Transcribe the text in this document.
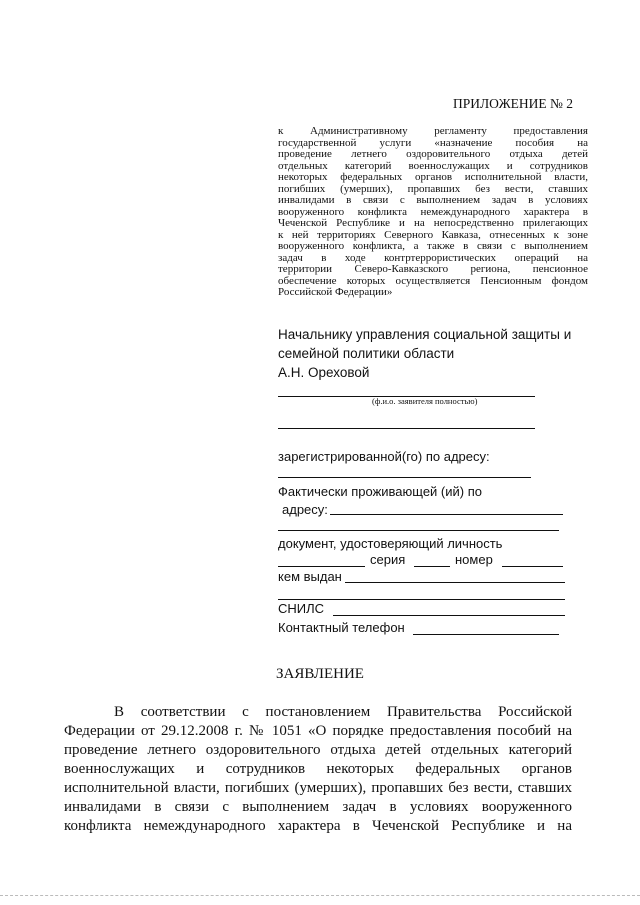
ПРИЛОЖЕНИЕ № 2
к Административному регламенту предоставления
государственной услуги «назначение пособия на
проведение летнего оздоровительного отдыха детей
отдельных категорий военнослужащих и сотрудников
некоторых федеральных органов исполнительной власти,
погибших (умерших), пропавших без вести, ставших
инвалидами в связи с выполнением задач в условиях
вооруженного конфликта немеждународного характера в
Чеченской Республике и на непосредственно прилегающих
к ней территориях Северного Кавказа, отнесенных к зоне
вооруженного конфликта, а также в связи с выполнением
задач в ходе контртеррористических операций на
территории Северо-Кавказского региона, пенсионное
обеспечение которых осуществляется Пенсионным фондом
Российской Федерации»
Начальнику управления социальной защиты и
семейной политики области
А.Н. Ореховой
(ф.и.о. заявителя полностью)
зарегистрированной(го) по адресу:
Фактически проживающей (ий) по
адресу:
документ, удостоверяющий личность
серия	номер
кем выдан
СНИЛС
Контактный телефон
ЗАЯВЛЕНИЕ
В соответствии с постановлением Правительства Российской
Федерации от 29.12.2008 г. № 1051 «О порядке предоставления пособий на
проведение летнего оздоровительного отдыха детей отдельных категорий
военнослужащих и сотрудников некоторых федеральных органов
исполнительной власти, погибших (умерших), пропавших без вести, ставших
инвалидами в связи с выполнением задач в условиях вооруженного
конфликта немеждународного характера в Чеченской Республике и на
